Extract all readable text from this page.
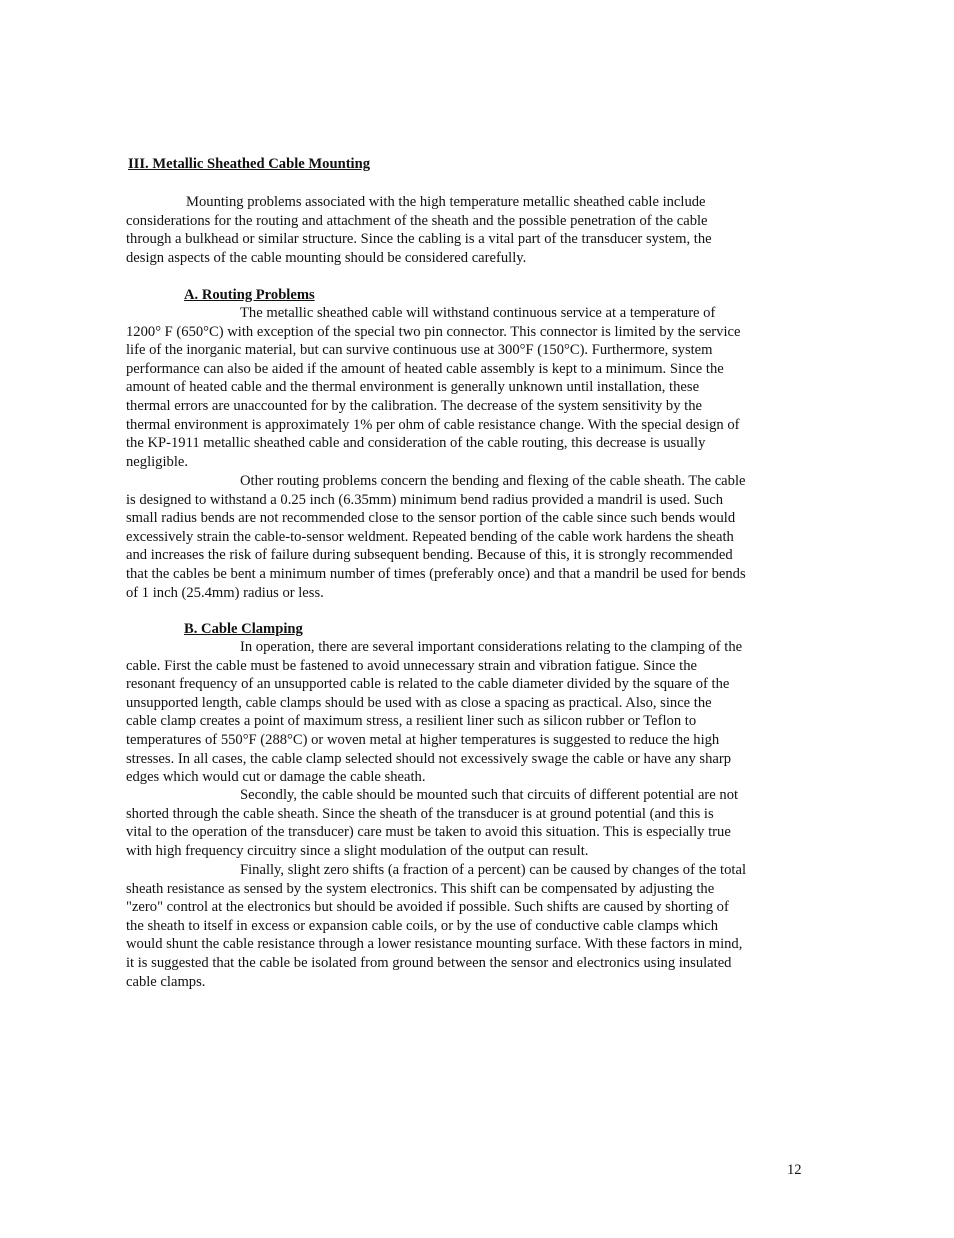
III. Metallic Sheathed Cable Mounting
Mounting problems associated with the high temperature metallic sheathed cable include
considerations for the routing and attachment of the sheath and the possible penetration of the cable
through a bulkhead or similar structure. Since the cabling is a vital part of the transducer system, the
design aspects of the cable mounting should be considered carefully.
A. Routing Problems
The metallic sheathed cable will withstand continuous service at a temperature of
1200° F (650°C) with exception of the special two pin connector. This connector is limited by the service
life of the inorganic material, but can survive continuous use at 300°F (150°C). Furthermore, system
performance can also be aided if the amount of heated cable assembly is kept to a minimum. Since the
amount of heated cable and the thermal environment is generally unknown until installation, these
thermal errors are unaccounted for by the calibration. The decrease of the system sensitivity by the
thermal environment is approximately 1% per ohm of cable resistance change. With the special design of
the KP-1911 metallic sheathed cable and consideration of the cable routing, this decrease is usually
negligible.
Other routing problems concern the bending and flexing of the cable sheath. The cable
is designed to withstand a 0.25 inch (6.35mm) minimum bend radius provided a mandril is used. Such
small radius bends are not recommended close to the sensor portion of the cable since such bends would
excessively strain the cable-to-sensor weldment. Repeated bending of the cable work hardens the sheath
and increases the risk of failure during subsequent bending. Because of this, it is strongly recommended
that the cables be bent a minimum number of times (preferably once) and that a mandril be used for bends
of 1 inch (25.4mm) radius or less.
B. Cable Clamping
In operation, there are several important considerations relating to the clamping of the
cable. First the cable must be fastened to avoid unnecessary strain and vibration fatigue. Since the
resonant frequency of an unsupported cable is related to the cable diameter divided by the square of the
unsupported length, cable clamps should be used with as close a spacing as practical. Also, since the
cable clamp creates a point of maximum stress, a resilient liner such as silicon rubber or Teflon to
temperatures of 550°F (288°C) or woven metal at higher temperatures is suggested to reduce the high
stresses. In all cases, the cable clamp selected should not excessively swage the cable or have any sharp
edges which would cut or damage the cable sheath.
Secondly, the cable should be mounted such that circuits of different potential are not
shorted through the cable sheath. Since the sheath of the transducer is at ground potential (and this is
vital to the operation of the transducer) care must be taken to avoid this situation. This is especially true
with high frequency circuitry since a slight modulation of the output can result.
Finally, slight zero shifts (a fraction of a percent) can be caused by changes of the total
sheath resistance as sensed by the system electronics. This shift can be compensated by adjusting the
"zero" control at the electronics but should be avoided if possible. Such shifts are caused by shorting of
the sheath to itself in excess or expansion cable coils, or by the use of conductive cable clamps which
would shunt the cable resistance through a lower resistance mounting surface. With these factors in mind,
it is suggested that the cable be isolated from ground between the sensor and electronics using insulated
cable clamps.
12
